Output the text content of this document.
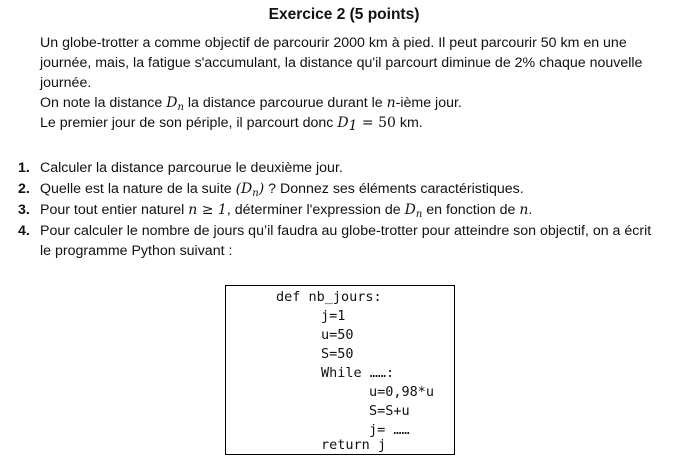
Exercice 2 (5 points)

Un globe-trotter a comme objectif de parcourir 2000 km à pied. Il peut parcourir 50 km en une journée, mais, la fatigue s'accumulant, la distance qu'il parcourt diminue de 2% chaque nouvelle journée.

On note la distance $D_n$ la distance parcourue durant le n-ième jour.

Le premier jour de son périple, il parcourt donc $D_1 = 50$ km.

1. Calculer la distance parcourue le deuxième jour.
2. Quelle est la nature de la suite $(D_n)$ ? Donnez ses éléments caractéristiques.
3. Pour tout entier naturel n ≥ 1, déterminer l'expression de $D_n$ en fonction de n.
4. Pour calculer le nombre de jours qu’il faudra au globe-trotter pour atteindre son objectif, on a écrit le programme Python suivant :
def nb_jours:
j=1
u=50
S=50
While ……:
u=0,98*u
S=S+u
j= ……
return j
